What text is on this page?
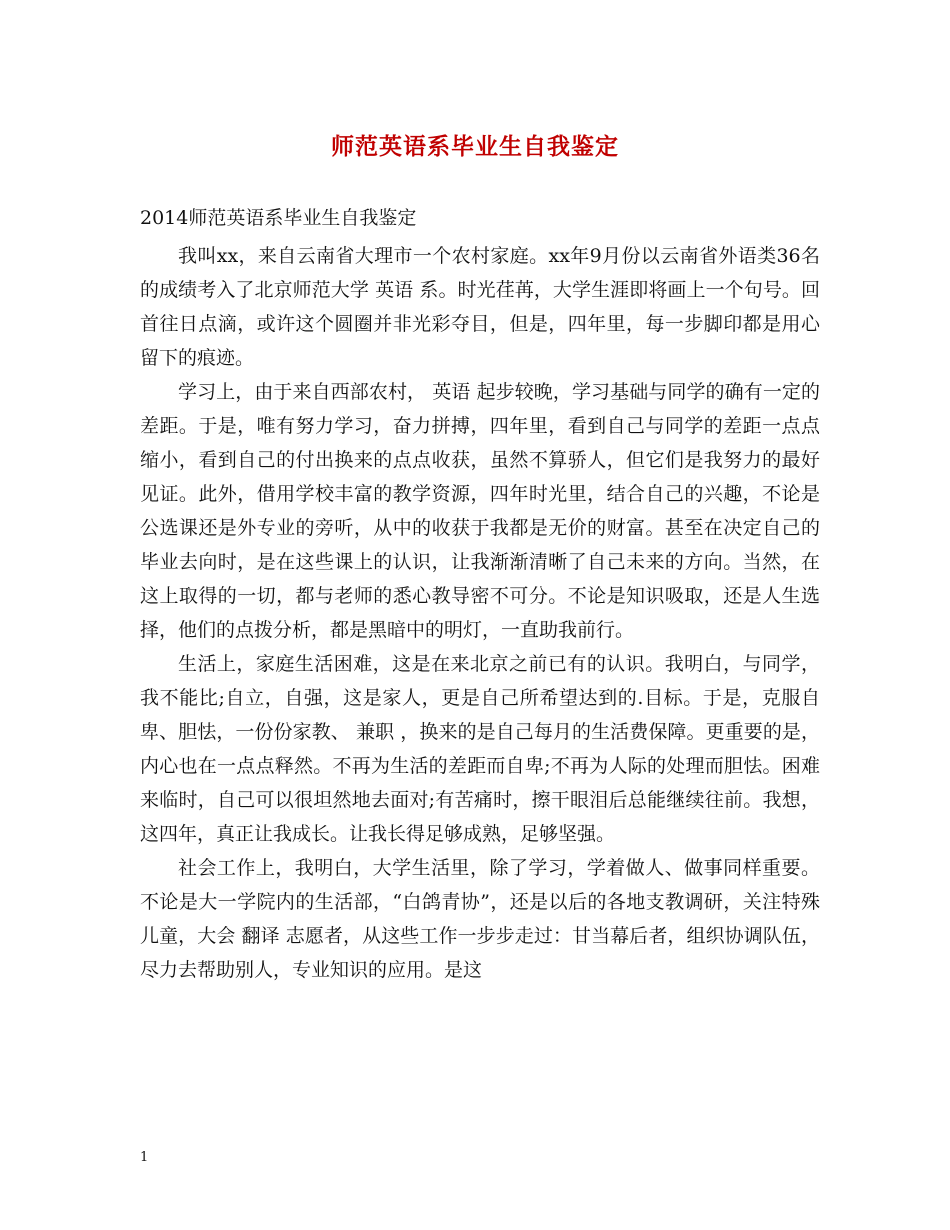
师范英语系毕业生自我鉴定

2014师范英语系毕业生自我鉴定

我叫xx，来自云南省大理市一个农村家庭。xx年9月份以云南省外语类36名的成绩考入了北京师范大学 英语 系。时光荏苒，大学生涯即将画上一个句号。回首往日点滴，或许这个圆圈并非光彩夺目，但是，四年里，每一步脚印都是用心留下的痕迹。

学习上，由于来自西部农村， 英语 起步较晚，学习基础与同学的确有一定的差距。于是，唯有努力学习，奋力拼搏，四年里，看到自己与同学的差距一点点缩小，看到自己的付出换来的点点收获，虽然不算骄人，但它们是我努力的最好见证。此外，借用学校丰富的教学资源，四年时光里，结合自己的兴趣，不论是公选课还是外专业的旁听，从中的收获于我都是无价的财富。甚至在决定自己的毕业去向时，是在这些课上的认识，让我渐渐清晰了自己未来的方向。当然，在这上取得的一切，都与老师的悉心教导密不可分。不论是知识吸取，还是人生选择，他们的点拨分析，都是黑暗中的明灯，一直助我前行。

生活上，家庭生活困难，这是在来北京之前已有的认识。我明白，与同学，我不能比;自立，自强，这是家人，更是自己所希望达到的.目标。于是，克服自卑、胆怯，一份份家教、 兼职 ，换来的是自己每月的生活费保障。更重要的是，内心也在一点点释然。不再为生活的差距而自卑;不再为人际的处理而胆怯。困难来临时，自己可以很坦然地去面对;有苦痛时，擦干眼泪后总能继续往前。我想，这四年，真正让我成长。让我长得足够成熟，足够坚强。

社会工作上，我明白，大学生活里，除了学习，学着做人、做事同样重要。不论是大一学院内的生活部，“白鸽青协”，还是以后的各地支教调研，关注特殊儿童，大会 翻译 志愿者，从这些工作一步步走过：甘当幕后者，组织协调队伍，尽力去帮助别人，专业知识的应用。是这

1
